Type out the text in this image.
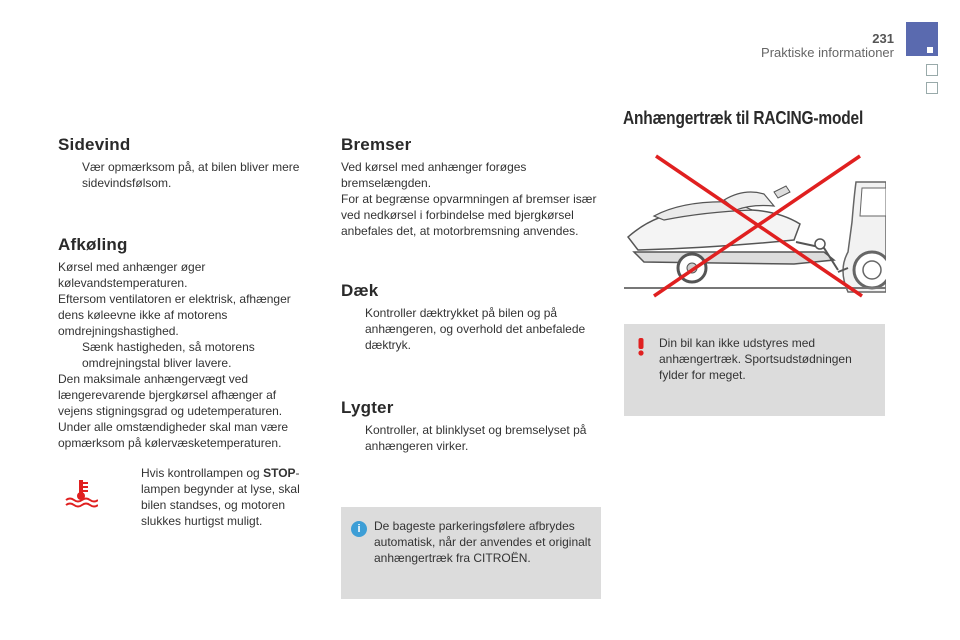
231
Praktiske informationer
Sidevind
Vær opmærksom på, at bilen bliver mere sidevindsfølsom.
Afkøling

Kørsel med anhænger øger kølevandstemperaturen.

Eftersom ventilatoren er elektrisk, afhænger dens køleevne ikke af motorens omdrejningshastighed.

Sænk hastigheden, så motorens omdrejningstal bliver lavere.

Den maksimale anhængervægt ved længerevarende bjergkørsel afhænger af vejens stigningsgrad og udetemperaturen.

Under alle omstændigheder skal man være opmærksom på kølervæsketemperaturen.

Hvis kontrollampen og STOP-lampen begynder at lyse, skal bilen standses, og motoren slukkes hurtigst muligt.
Bremser

Ved kørsel med anhænger forøges bremselængden.

For at begrænse opvarmningen af bremser især ved nedkørsel i forbindelse med bjergkørsel anbefales det, at motorbremsning anvendes.

Dæk
Kontroller dæktrykket på bilen og på anhængeren, og overhold det anbefalede dæktryk.
Lygter
Kontroller, at blinklyset og bremselyset på anhængeren virker.
i	De bageste parkeringsfølere afbrydes automatisk, når der anvendes et originalt anhængertræk fra CITROËN.
Anhængertræk til RACING-model
Din bil kan ikke udstyres med anhængertræk. Sportsudstødningen fylder for meget.
